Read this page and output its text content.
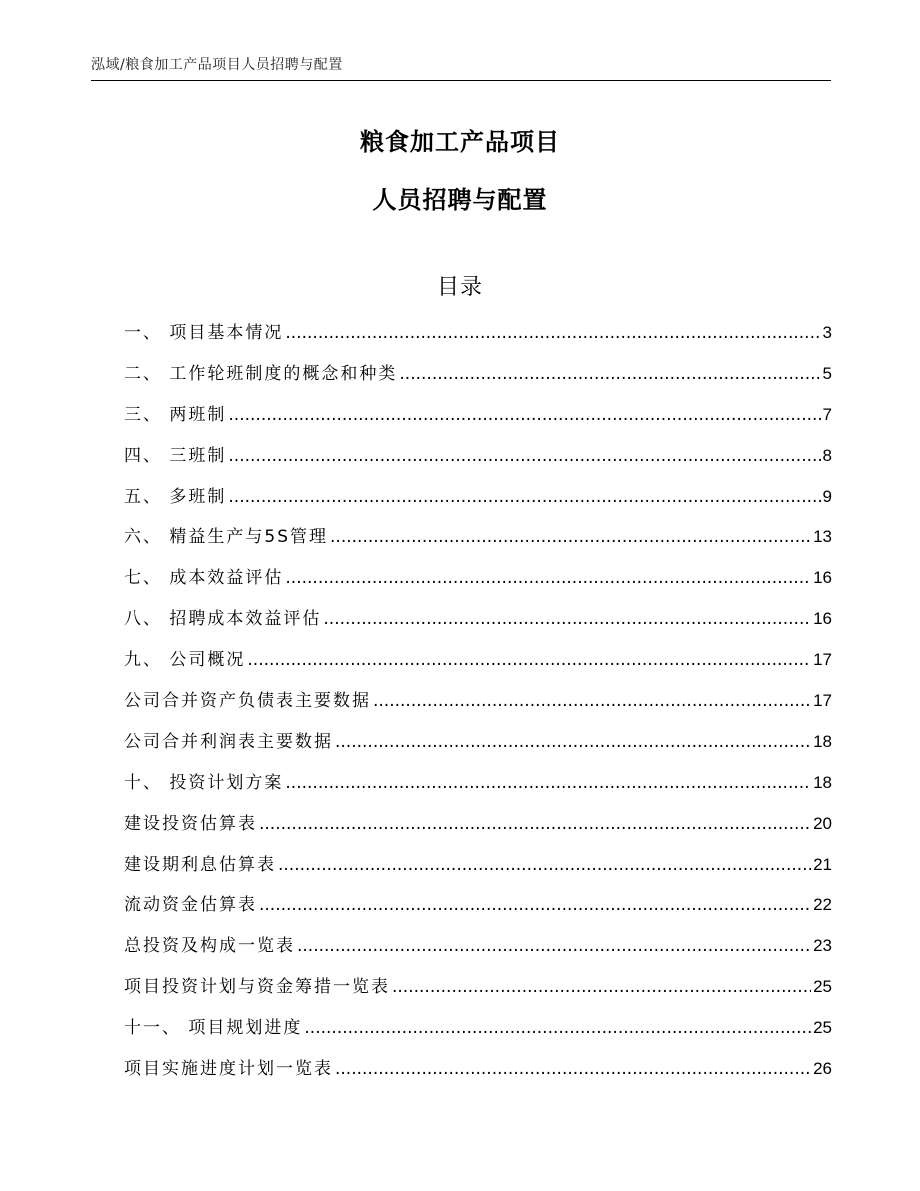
泓域/粮食加工产品项目人员招聘与配置
粮食加工产品项目
人员招聘与配置
目录
一、 项目基本情况 .....	3
二、 工作轮班制度的概念和种类 .....	5
三、 两班制 .....	7
四、 三班制 .....	8
五、 多班制 .....	9
六、 精益生产与5S管理 .....	13
七、 成本效益评估 .....	16
八、 招聘成本效益评估 .....	16
九、 公司概况 .....	17
公司合并资产负债表主要数据 .....	17
公司合并利润表主要数据 .....	18
十、 投资计划方案 .....	18
建设投资估算表 .....	20
建设期利息估算表 .....	21
流动资金估算表 .....	22
总投资及构成一览表 .....	23
项目投资计划与资金筹措一览表 .....	25
十一、 项目规划进度 .....	25
项目实施进度计划一览表 .....	26
